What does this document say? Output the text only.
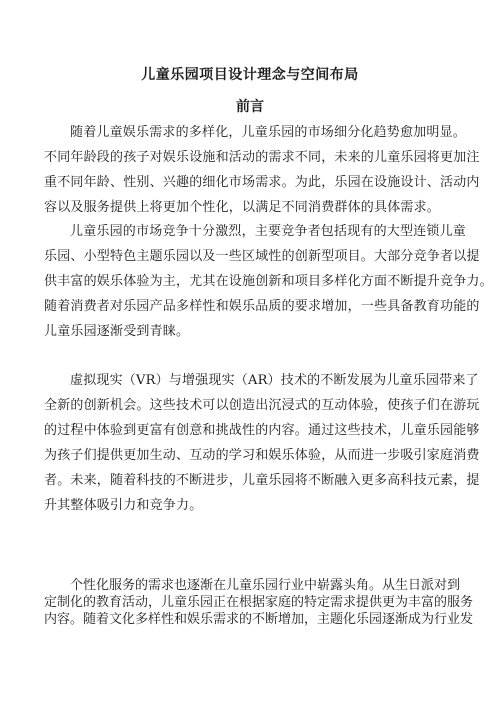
儿童乐园项目设计理念与空间布局
前言
随着儿童娱乐需求的多样化，儿童乐园的市场细分化趋势愈加明显。
不同年龄段的孩子对娱乐设施和活动的需求不同，未来的儿童乐园将更加注
重不同年龄、性别、兴趣的细化市场需求。为此，乐园在设施设计、活动内
容以及服务提供上将更加个性化，以满足不同消费群体的具体需求。
儿童乐园的市场竞争十分激烈，主要竞争者包括现有的大型连锁儿童
乐园、小型特色主题乐园以及一些区域性的创新型项目。大部分竞争者以提
供丰富的娱乐体验为主，尤其在设施创新和项目多样化方面不断提升竞争力。
随着消费者对乐园产品多样性和娱乐品质的要求增加，一些具备教育功能的
儿童乐园逐渐受到青睐。
虚拟现实（VR）与增强现实（AR）技术的不断发展为儿童乐园带来了
全新的创新机会。这些技术可以创造出沉浸式的互动体验，使孩子们在游玩
的过程中体验到更富有创意和挑战性的内容。通过这些技术，儿童乐园能够
为孩子们提供更加生动、互动的学习和娱乐体验，从而进一步吸引家庭消费
者。未来，随着科技的不断进步，儿童乐园将不断融入更多高科技元素，提
升其整体吸引力和竞争力。
个性化服务的需求也逐渐在儿童乐园行业中崭露头角。从生日派对到
定制化的教育活动，儿童乐园正在根据家庭的特定需求提供更为丰富的服务
内容。随着文化多样性和娱乐需求的不断增加，主题化乐园逐渐成为行业发
